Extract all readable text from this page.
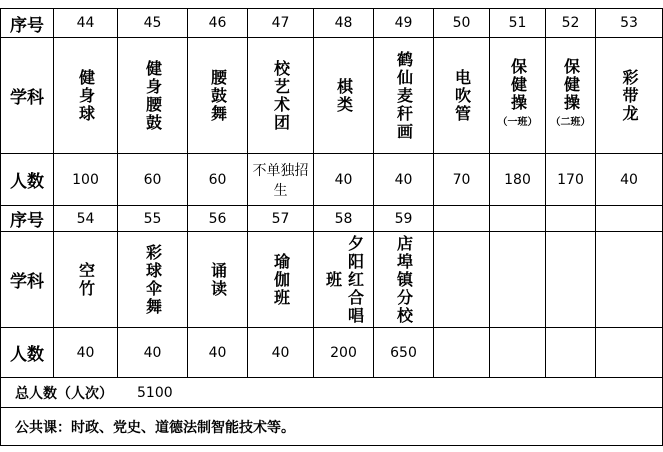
序号
学科
人数
44
健身球
100
45
健身腰鼓
60
46
腰鼓舞
60
47
校艺术团
不单独招　生
48
棋类
40
49
鹤仙麦秆画
40
50
电吹管
70
51
保健操
（一班）
180
52
保健操
（二班）
170
53
彩带龙
40
序号
学科
人数
54
空竹
40
55
彩球伞舞
40
56
诵读
40
57
瑜伽班
40
58
夕阳红合唱班
200
59
店埠镇分校
650
总人数（人次） 5100
公共课：时政、党史、道德法制智能技术等。
